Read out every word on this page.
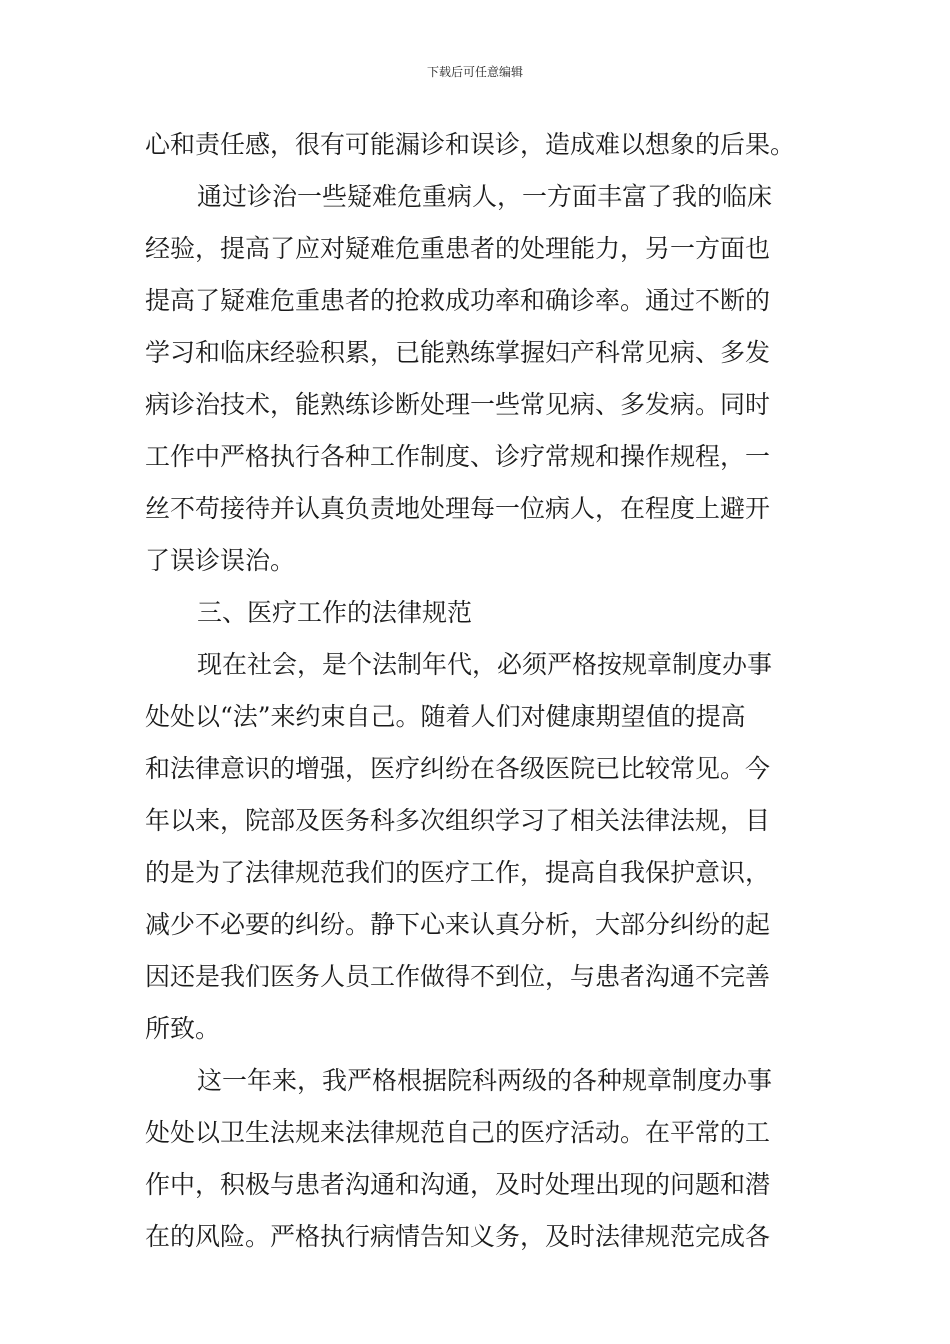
下载后可任意编辑
心和责任感，很有可能漏诊和误诊，造成难以想象的后果。
通过诊治一些疑难危重病人，一方面丰富了我的临床
经验，提高了应对疑难危重患者的处理能力，另一方面也
提高了疑难危重患者的抢救成功率和确诊率。通过不断的
学习和临床经验积累，已能熟练掌握妇产科常见病、多发
病诊治技术，能熟练诊断处理一些常见病、多发病。同时
工作中严格执行各种工作制度、诊疗常规和操作规程，一
丝不苟接待并认真负责地处理每一位病人，在程度上避开
了误诊误治。
三、医疗工作的法律规范
现在社会，是个法制年代，必须严格按规章制度办事
处处以“法”来约束自己。随着人们对健康期望值的提高
和法律意识的增强，医疗纠纷在各级医院已比较常见。今
年以来，院部及医务科多次组织学习了相关法律法规，目
的是为了法律规范我们的医疗工作，提高自我保护意识，
减少不必要的纠纷。静下心来认真分析，大部分纠纷的起
因还是我们医务人员工作做得不到位，与患者沟通不完善
所致。
这一年来，我严格根据院科两级的各种规章制度办事
处处以卫生法规来法律规范自己的医疗活动。在平常的工
作中，积极与患者沟通和沟通，及时处理出现的问题和潜
在的风险。严格执行病情告知义务，及时法律规范完成各
